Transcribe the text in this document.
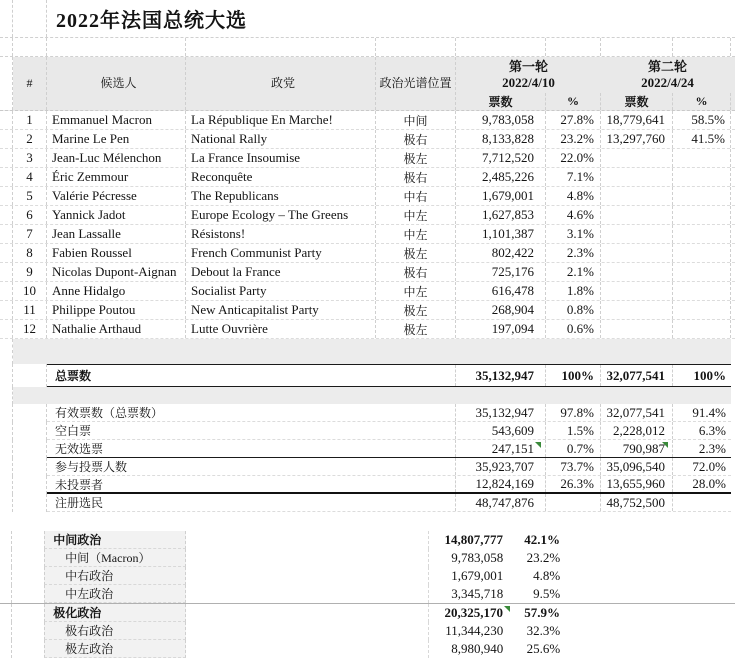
2022年法国总统大选
#	候选人	政党	政治光谱位置
第一轮
2022/4/10
票数	%
第二轮
2022/4/24
票数	%
1	Emmanuel Macron	La République En Marche!	中间	9,783,058	27.8% 18,779,641	58.5%
2	Marine Le Pen	National Rally	极右	8,133,828	23.2% 13,297,760	41.5%
3	Jean-Luc Mélenchon	La France Insoumise	极左	7,712,520	22.0%
4	Éric Zemmour	Reconquête	极右	2,485,226	7.1%
5	Valérie Pécresse	The Republicans	中右	1,679,001	4.8%
6	Yannick Jadot	Europe Ecology – The Greens	中左	1,627,853	4.6%
7	Jean Lassalle	Résistons!	中左	1,101,387	3.1%
8	Fabien Roussel	French Communist Party	极左	802,422	2.3%
9	Nicolas Dupont-Aignan	Debout la France	极右	725,176	2.1%
10	Anne Hidalgo	Socialist Party	中左	616,478	1.8%
11	Philippe Poutou	New Anticapitalist Party	极左	268,904	0.8%
12	Nathalie Arthaud	Lutte Ouvrière	极左	197,094	0.6%
总票数	35,132,947	100% 32,077,541	100%
有效票数（总票数）	35,132,947	97.8% 32,077,541	91.4%
空白票	543,609	1.5%	2,228,012	6.3%
无效选票	247,151	0.7%	790,987	2.3%
参与投票人数	35,923,707	73.7% 35,096,540	72.0%
未投票者	12,824,169	26.3% 13,655,960	28.0%
注册选民	48,747,876	48,752,500
中间政治	14,807,777	42.1%
中间（Macron）	9,783,058	23.2%
中右政治	1,679,001	4.8%
中左政治	3,345,718	9.5%
极化政治	20,325,170	57.9%
极右政治	11,344,230	32.3%
极左政治	8,980,940	25.6%
